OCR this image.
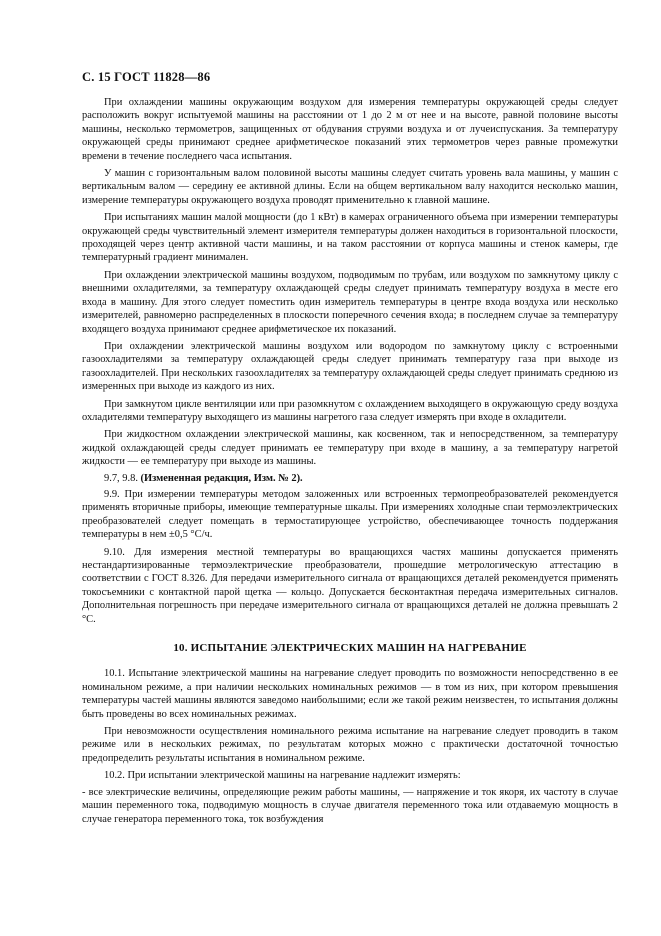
С. 15 ГОСТ 11828—86

При охлаждении машины окружающим воздухом для измерения температуры окружающей среды следует расположить вокруг испытуемой машины на расстоянии от 1 до 2 м от нее и на высоте, равной половине высоты машины, несколько термометров, защищенных от обдувания струями воздуха и от лучеиспускания. За температуру окружающей среды принимают среднее арифметическое показаний этих термометров через равные промежутки времени в течение последнего часа испытания.

У машин с горизонтальным валом половиной высоты машины следует считать уровень вала машины, у машин с вертикальным валом — середину ее активной длины. Если на общем вертикальном валу находится несколько машин, измерение температуры окружающего воздуха проводят применительно к главной машине.

При испытаниях машин малой мощности (до 1 кВт) в камерах ограниченного объема при измерении температуры окружающей среды чувствительный элемент измерителя температуры должен находиться в горизонтальной плоскости, проходящей через центр активной части машины, и на таком расстоянии от корпуса машины и стенок камеры, где температурный градиент минимален.

При охлаждении электрической машины воздухом, подводимым по трубам, или воздухом по замкнутому циклу с внешними охладителями, за температуру охлаждающей среды следует принимать температуру воздуха в месте его входа в машину. Для этого следует поместить один измеритель температуры в центре входа воздуха или несколько измерителей, равномерно распределенных в плоскости поперечного сечения входа; в последнем случае за температуру входящего воздуха принимают среднее арифметическое их показаний.

При охлаждении электрической машины воздухом или водородом по замкнутому циклу с встроенными газоохладителями за температуру охлаждающей среды следует принимать температуру газа при выходе из газоохладителей. При нескольких газоохладителях за температуру охлаждающей среды следует принимать среднюю из измеренных при выходе из каждого из них.

При замкнутом цикле вентиляции или при разомкнутом с охлаждением выходящего в окружающую среду воздуха охладителями температуру выходящего из машины нагретого газа следует измерять при входе в охладители.

При жидкостном охлаждении электрической машины, как косвенном, так и непосредственном, за температуру жидкой охлаждающей среды следует принимать ее температуру при входе в машину, а за температуру нагретой жидкости — ее температуру при выходе из машины.

9.7, 9.8. (Измененная редакция, Изм. № 2).

9.9. При измерении температуры методом заложенных или встроенных термопреобразователей рекомендуется применять вторичные приборы, имеющие температурные шкалы. При измерениях холодные спаи термоэлектрических преобразователей следует помещать в термостатирующее устройство, обеспечивающее точность поддержания температуры в нем ±0,5 °С/ч.

9.10. Для измерения местной температуры во вращающихся частях машины допускается применять нестандартизированные термоэлектрические преобразователи, прошедшие метрологическую аттестацию в соответствии с ГОСТ 8.326. Для передачи измерительного сигнала от вращающихся деталей рекомендуется применять токосъемники с контактной парой щетка — кольцо. Допускается бесконтактная передача измерительных сигналов. Дополнительная погрешность при передаче измерительного сигнала от вращающихся деталей не должна превышать 2 °С.

10. ИСПЫТАНИЕ ЭЛЕКТРИЧЕСКИХ МАШИН НА НАГРЕВАНИЕ

10.1. Испытание электрической машины на нагревание следует проводить по возможности непосредственно в ее номинальном режиме, а при наличии нескольких номинальных режимов — в том из них, при котором превышения температуры частей машины являются заведомо наибольшими; если же такой режим неизвестен, то испытания должны быть проведены во всех номинальных режимах.

При невозможности осуществления номинального режима испытание на нагревание следует проводить в таком режиме или в нескольких режимах, по результатам которых можно с практически достаточной точностью предопределить результаты испытания в номинальном режиме.

10.2. При испытании электрической машины на нагревание надлежит измерять:

- все электрические величины, определяющие режим работы машины, — напряжение и ток якоря, их частоту в случае машин переменного тока, подводимую мощность в случае двигателя переменного тока или отдаваемую мощность в случае генератора переменного тока, ток возбуждения
